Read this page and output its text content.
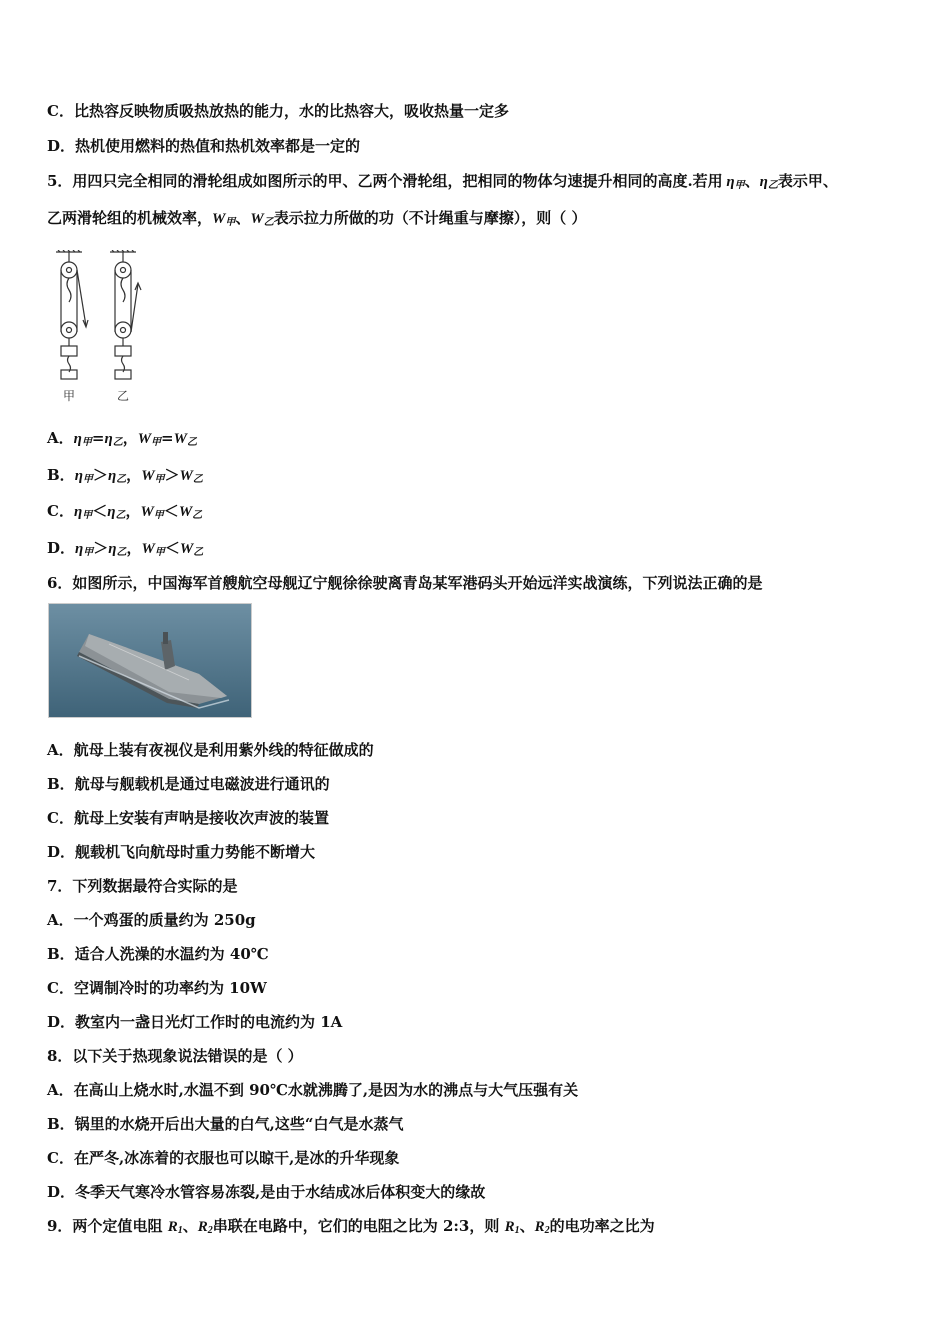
C．比热容反映物质吸热放热的能力，水的比热容大，吸收热量一定多
D．热机使用燃料的热值和热机效率都是一定的
5．用四只完全相同的滑轮组成如图所示的甲、乙两个滑轮组，把相同的物体匀速提升相同的高度.若用 $\eta_甲$、$\eta_乙$表示甲、
乙两滑轮组的机械效率，$W_甲$、$W_乙$表示拉力所做的功（不计绳重与摩擦），则（ ）
甲	乙
A．$\eta_甲=\eta_乙$，$W_甲=W_乙$
B．$\eta_甲>\eta_乙$，$W_甲>W_乙$
C．$\eta_甲<\eta_乙$，$W_甲<W_乙$
D．$\eta_甲>\eta_乙$，$W_甲<W_乙$
6．如图所示，中国海军首艘航空母舰辽宁舰徐徐驶离青岛某军港码头开始远洋实战演练，下列说法正确的是
A．航母上装有夜视仪是利用紫外线的特征做成的
B．航母与舰载机是通过电磁波进行通讯的
C．航母上安装有声呐是接收次声波的装置
D．舰载机飞向航母时重力势能不断增大
7．下列数据最符合实际的是
A．一个鸡蛋的质量约为 250g
B．适合人洗澡的水温约为 40℃
C．空调制冷时的功率约为 10W
D．教室内一盏日光灯工作时的电流约为 1A
8．以下关于热现象说法错误的是（ ）
A．在高山上烧水时,水温不到 90℃水就沸腾了,是因为水的沸点与大气压强有关
B．锅里的水烧开后出大量的白气,这些“白气是水蒸气
C．在严冬,冰冻着的衣服也可以晾干,是冰的升华现象
D．冬季天气寒冷水管容易冻裂,是由于水结成冰后体积变大的缘故
9．两个定值电阻 $R_1$、$R_2$串联在电路中，它们的电阻之比为 2:3，则 $R_1$、$R_2$的电功率之比为
